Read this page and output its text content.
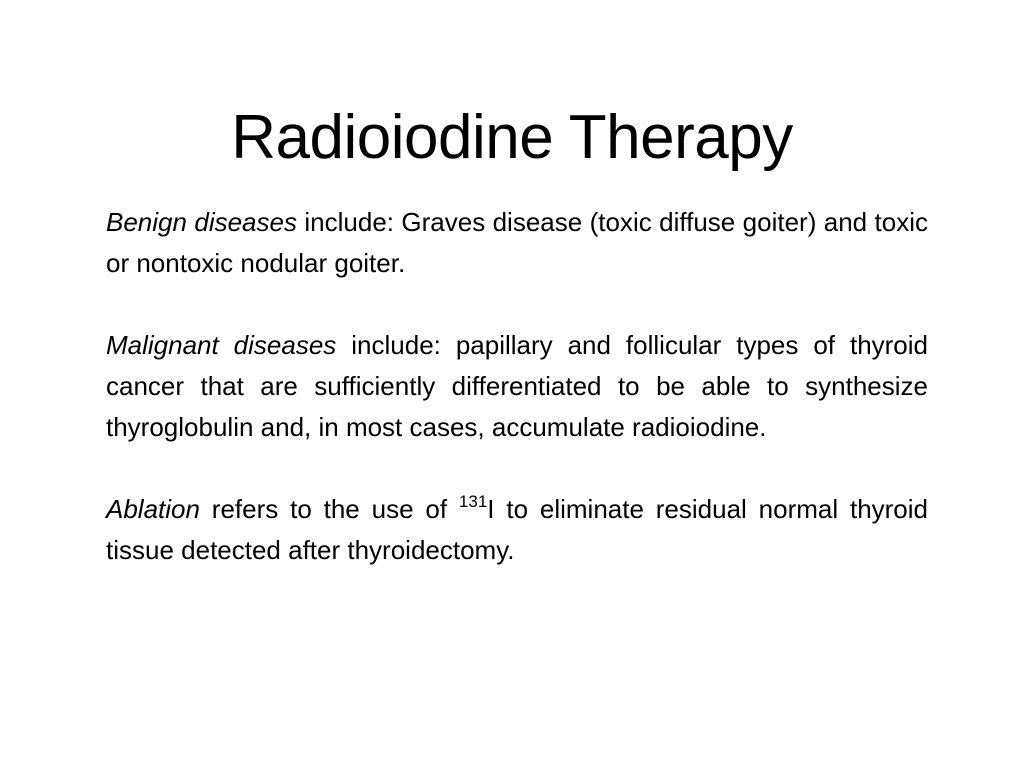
Radioiodine Therapy

Benign diseases include: Graves disease (toxic diffuse goiter) and toxic or nontoxic nodular goiter.

Malignant diseases include: papillary and follicular types of thyroid cancer that are sufficiently differentiated to be able to synthesize thyroglobulin and, in most cases, accumulate radioiodine.

Ablation refers to the use of $^{131}$I to eliminate residual normal thyroid tissue detected after thyroidectomy.
